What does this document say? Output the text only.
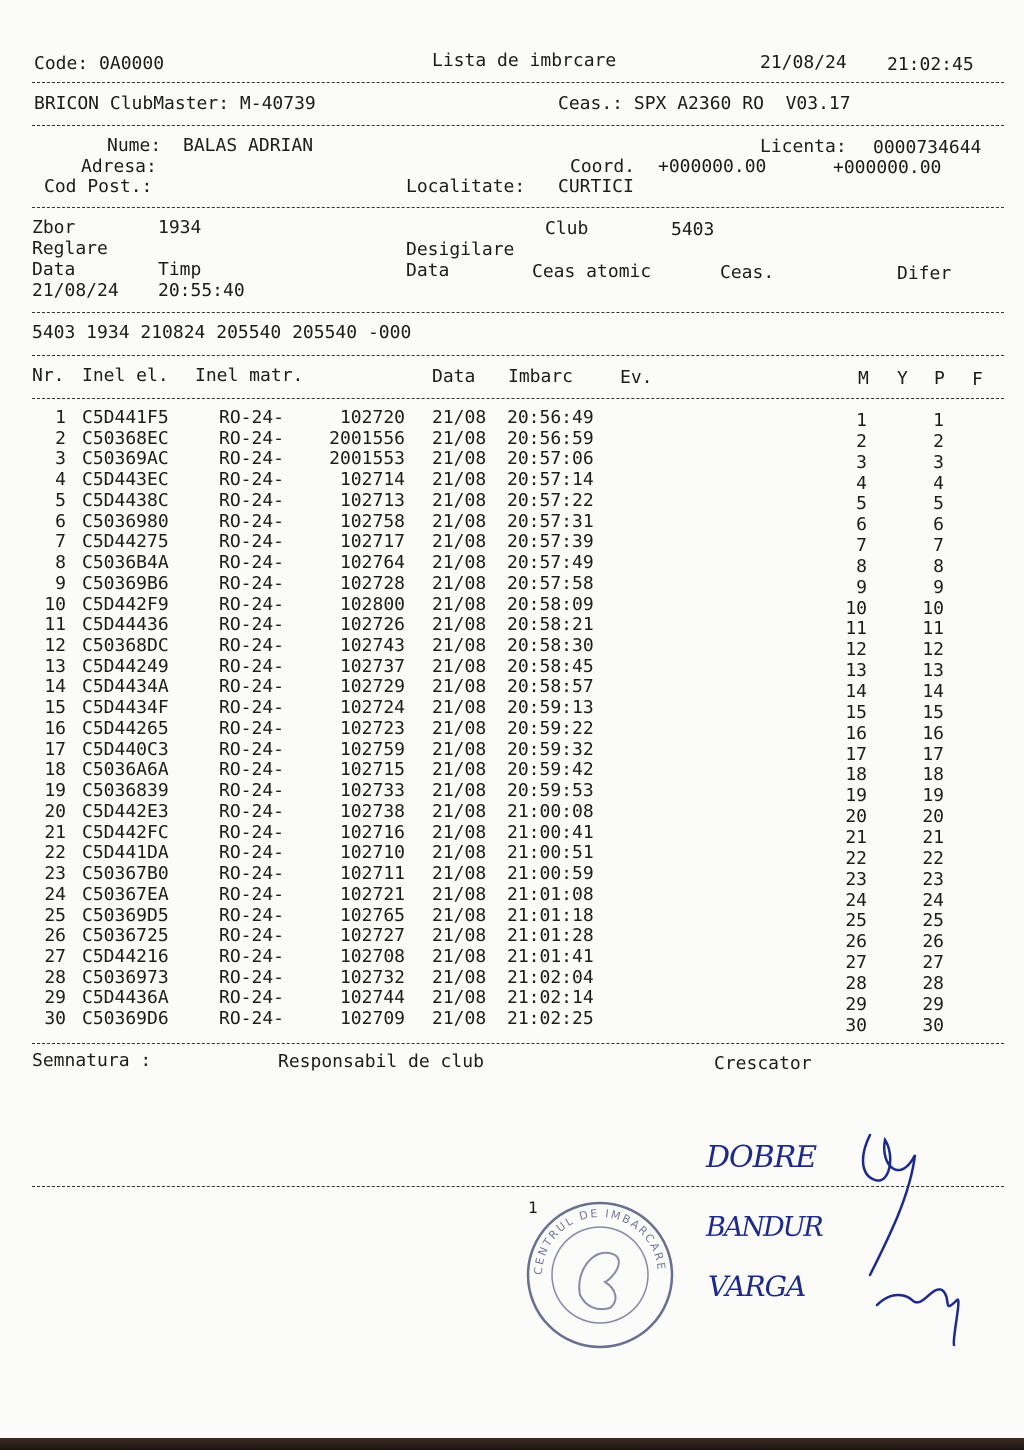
Code: 0A0000	Lista de imbrcare	21/08/24 21:02:45
BRICON ClubMaster: M-40739	Ceas.: SPX A2360 RO  V03.17
Nume: BALAS ADRIAN	Licenta: 0000734644
Adresa:	Coord. +000000.00	+000000.00
Cod Post.:	Localitate: CURTICI
Zbor	1934	Club	5403
Reglare	Desigilare
Data	Timp	Data	Ceas atomic	Ceas.	Difer
21/08/24 20:55:40
5403 1934 210824 205540 205540 -000
Nr. Inel el. Inel matr.	Data Imbarc	Ev.	M Y P F
1 C5D441F5	RO-24-	102720 21/08 20:56:49	1	1
2 C50368EC	RO-24-	2001556 21/08 20:56:59	2	2
3 C50369AC	RO-24-	2001553 21/08 20:57:06	3	3
4 C5D443EC	RO-24-	102714 21/08 20:57:14	4	4
5 C5D4438C	RO-24-	102713 21/08 20:57:22	5	5
6 C5036980	RO-24-	102758 21/08 20:57:31	6	6
7 C5D44275	RO-24-	102717 21/08 20:57:39	7	7
8 C5036B4A	RO-24-	102764 21/08 20:57:49	8	8
9 C50369B6	RO-24-	102728 21/08 20:57:58	9	9
10 C5D442F9	RO-24-	102800 21/08 20:58:09	10	10
11 C5D44436	RO-24-	102726 21/08 20:58:21	11	11
12 C50368DC	RO-24-	102743 21/08 20:58:30	12	12
13 C5D44249	RO-24-	102737 21/08 20:58:45	13	13
14 C5D4434A	RO-24-	102729 21/08 20:58:57	14	14
15 C5D4434F	RO-24-	102724 21/08 20:59:13	15	15
16 C5D44265	RO-24-	102723 21/08 20:59:22	16	16
17 C5D440C3	RO-24-	102759 21/08 20:59:32	17	17
18 C5036A6A	RO-24-	102715 21/08 20:59:42	18	18
19 C5036839	RO-24-	102733 21/08 20:59:53	19	19
20 C5D442E3	RO-24-	102738 21/08 21:00:08	20	20
21 C5D442FC	RO-24-	102716 21/08 21:00:41	21	21
22 C5D441DA	RO-24-	102710 21/08 21:00:51	22	22
23 C50367B0	RO-24-	102711 21/08 21:00:59	23	23
24 C50367EA	RO-24-	102721 21/08 21:01:08	24	24
25 C50369D5	RO-24-	102765 21/08 21:01:18	25	25
26 C5036725	RO-24-	102727 21/08 21:01:28	26	26
27 C5D44216	RO-24-	102708 21/08 21:01:41	27	27
28 C5036973	RO-24-	102732 21/08 21:02:04	28	28
29 C5D4436A	RO-24-	102744 21/08 21:02:14	29	29
30 C50369D6	RO-24-	102709 21/08 21:02:25	30	30
Semnatura :	Responsabil de club	Crescator
1
DOBRE
BANDUR
VARGA
CENTRUL DE IMBARCARE
